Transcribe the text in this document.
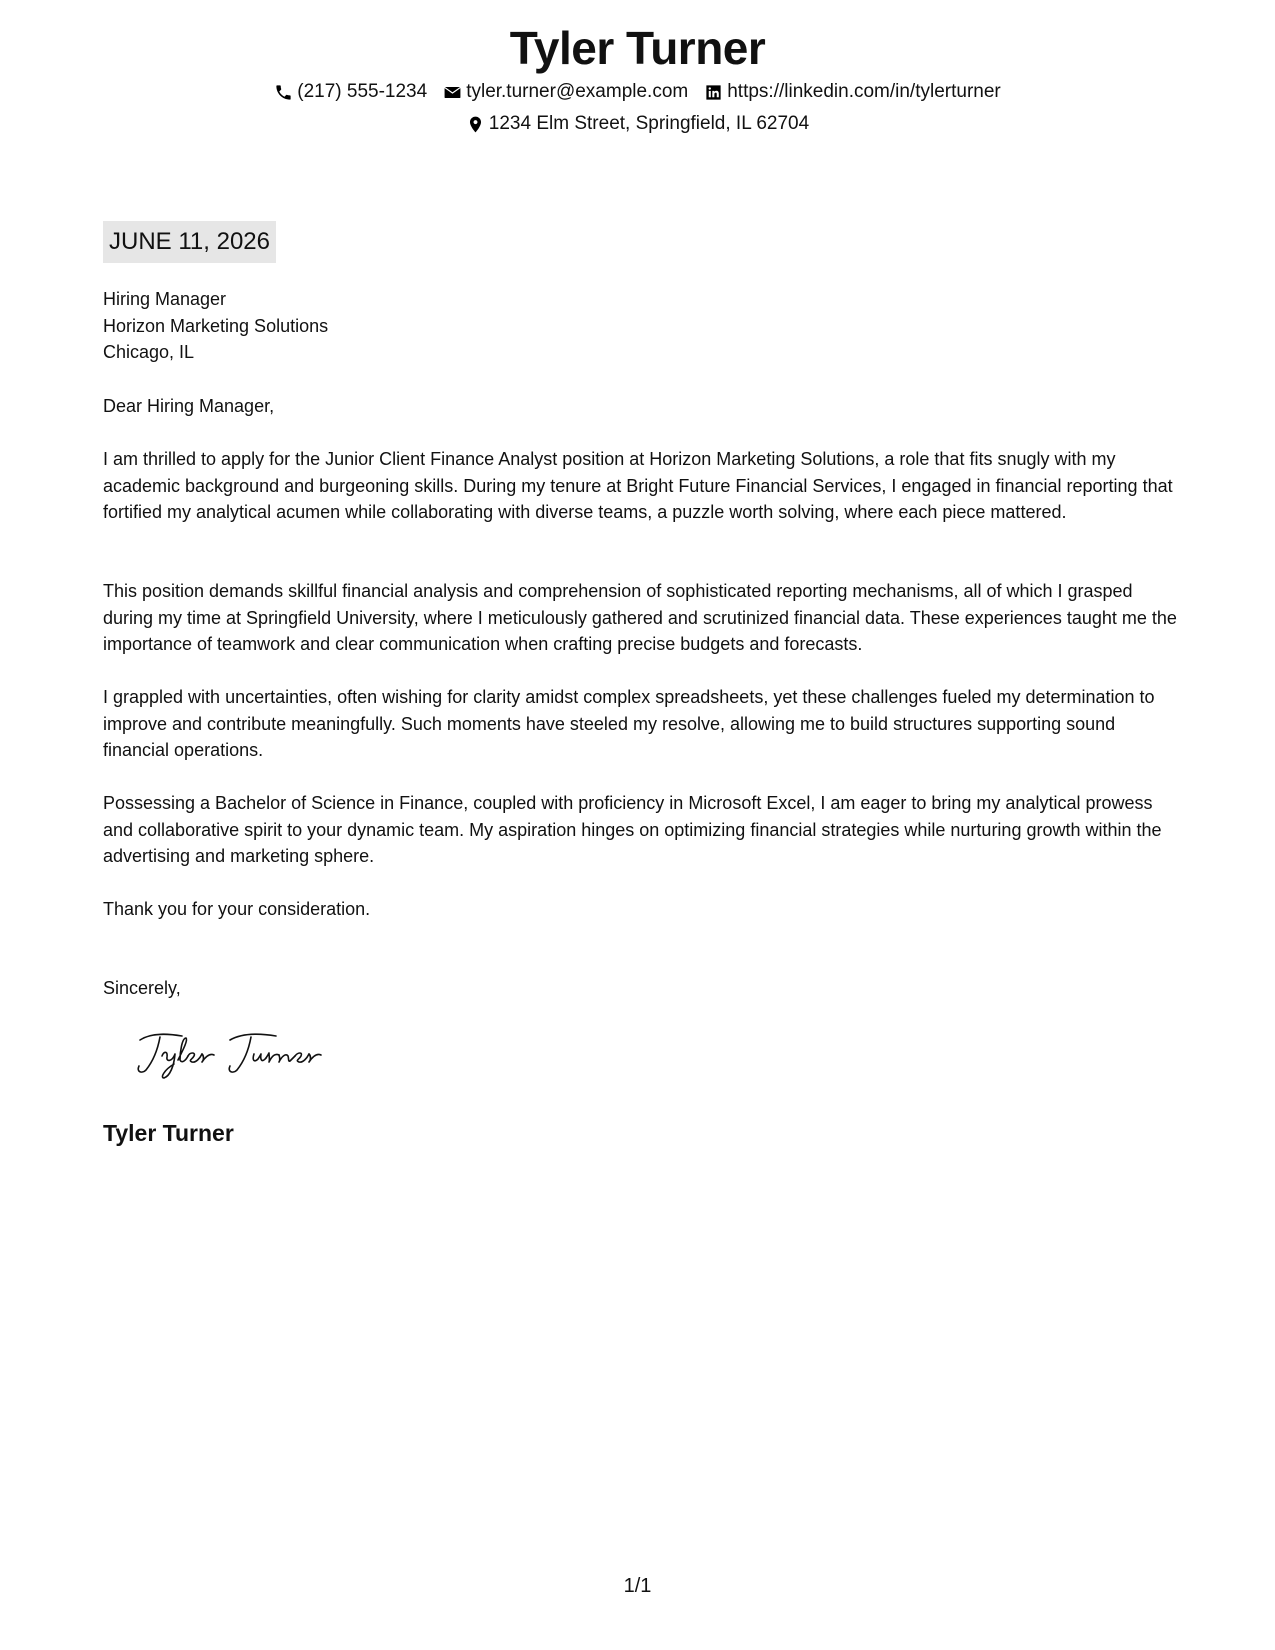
Tyler Turner
(217) 555-1234 tyler.turner@example.com https://linkedin.com/in/tylerturner
1234 Elm Street, Springfield, IL 62704
JUNE 11, 2026
Hiring Manager
Horizon Marketing Solutions
Chicago, IL
Dear Hiring Manager,

I am thrilled to apply for the Junior Client Finance Analyst position at Horizon Marketing Solutions, a role that fits snugly with my academic background and burgeoning skills. During my tenure at Bright Future Financial Services, I engaged in financial reporting that fortified my analytical acumen while collaborating with diverse teams, a puzzle worth solving, where each piece mattered.

This position demands skillful financial analysis and comprehension of sophisticated reporting mechanisms, all of which I grasped during my time at Springfield University, where I meticulously gathered and scrutinized financial data. These experiences taught me the importance of teamwork and clear communication when crafting precise budgets and forecasts.

I grappled with uncertainties, often wishing for clarity amidst complex spreadsheets, yet these challenges fueled my determination to improve and contribute meaningfully. Such moments have steeled my resolve, allowing me to build structures supporting sound financial operations.

Possessing a Bachelor of Science in Finance, coupled with proficiency in Microsoft Excel, I am eager to bring my analytical prowess and collaborative spirit to your dynamic team. My aspiration hinges on optimizing financial strategies while nurturing growth within the advertising and marketing sphere.

Thank you for your consideration.
Sincerely,
Tyler Turner
1/1
